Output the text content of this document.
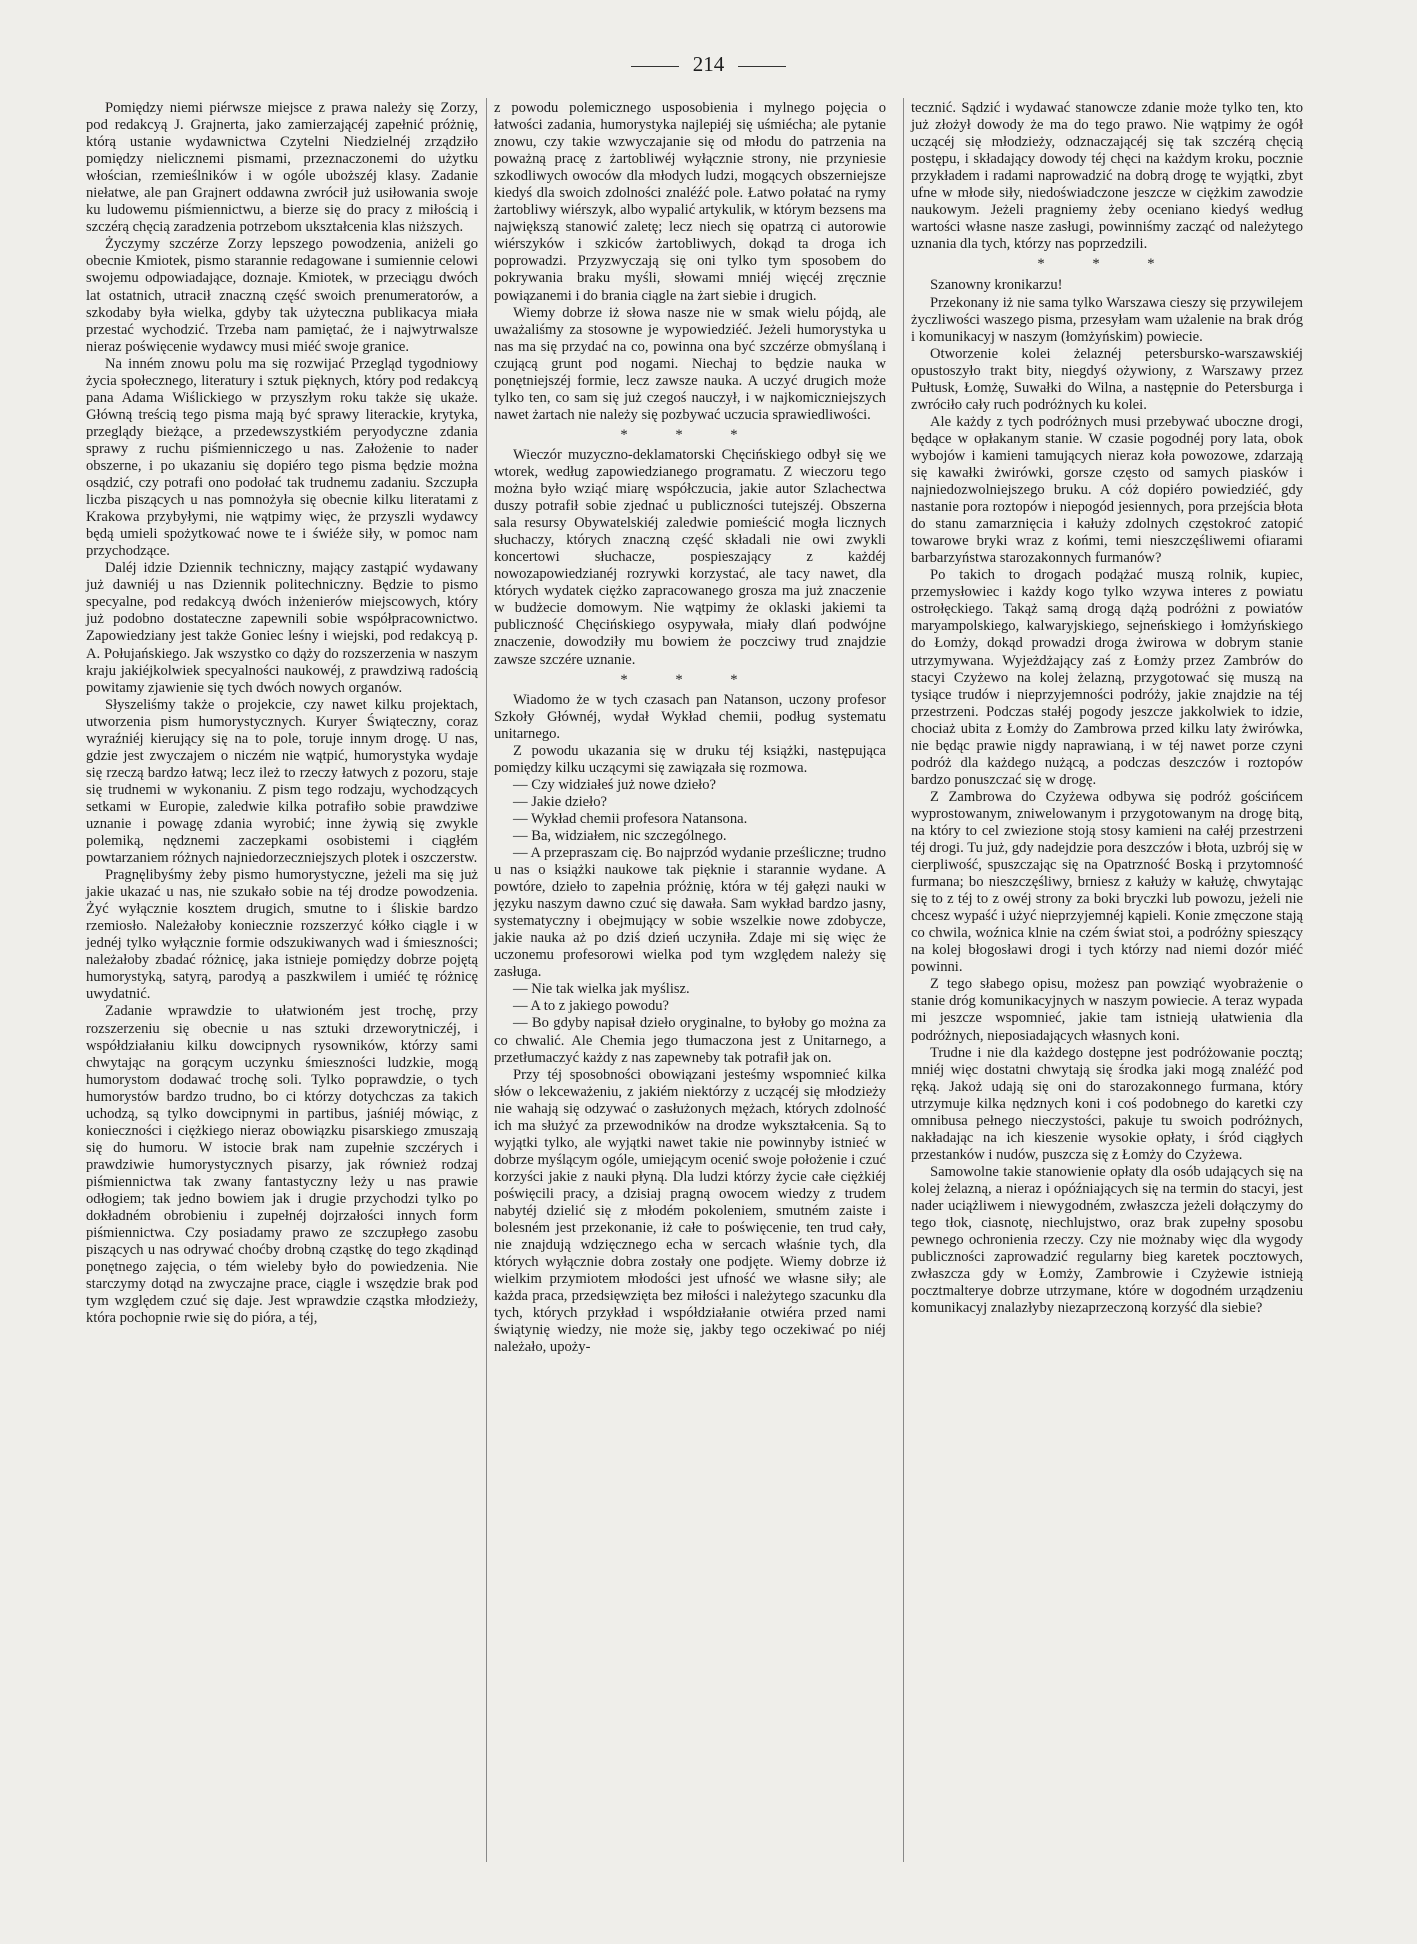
214

Pomiędzy niemi piérwsze miejsce z prawa należy się Zorzy, pod redakcyą J. Grajnerta, jako zamierzającéj zapełnić próżnię, którą ustanie wydawnictwa Czytelni Niedzielnéj zrządziło pomiędzy nielicznemi pismami, przeznaczonemi do użytku włościan, rzemieślników i w ogóle uboższéj klasy. Zadanie niełatwe, ale pan Grajnert oddawna zwrócił już usiłowania swoje ku ludowemu piśmiennictwu, a bierze się do pracy z miłością i szczérą chęcią zaradzenia potrzebom ukształcenia klas niższych.

Życzymy szczérze Zorzy lepszego powodzenia, aniżeli go obecnie Kmiotek, pismo starannie redagowane i sumiennie celowi swojemu odpowiadające, doznaje. Kmiotek, w przeciągu dwóch lat ostatnich, utracił znaczną część swoich prenumeratorów, a szkodaby była wielka, gdyby tak użyteczna publikacya miała przestać wychodzić. Trzeba nam pamiętać, że i najwytrwalsze nieraz poświęcenie wydawcy musi miéć swoje granice.

Na inném znowu polu ma się rozwijać Przegląd tygodniowy życia społecznego, literatury i sztuk pięknych, który pod redakcyą pana Adama Wiślickiego w przyszłym roku także się ukaże. Główną treścią tego pisma mają być sprawy literackie, krytyka, przeglądy bieżące, a przedewszystkiém peryodyczne zdania sprawy z ruchu piśmienniczego u nas. Założenie to nader obszerne, i po ukazaniu się dopiéro tego pisma będzie można osądzić, czy potrafi ono podołać tak trudnemu zadaniu. Szczupła liczba piszących u nas pomnożyła się obecnie kilku literatami z Krakowa przybyłymi, nie wątpimy więc, że przyszli wydawcy będą umieli spożytkować nowe te i świéże siły, w pomoc nam przychodzące.

Daléj idzie Dziennik techniczny, mający zastąpić wydawany już dawniéj u nas Dziennik politechniczny. Będzie to pismo specyalne, pod redakcyą dwóch inżenierów miejscowych, który już podobno dostateczne zapewnili sobie współpracownictwo. Zapowiedziany jest także Goniec leśny i wiejski, pod redakcyą p. A. Połujańskiego. Jak wszystko co dąży do rozszerzenia w naszym kraju jakiéjkolwiek specyalności naukowéj, z prawdziwą radością powitamy zjawienie się tych dwóch nowych organów.

Słyszeliśmy także o projekcie, czy nawet kilku projektach, utworzenia pism humorystycznych. Kuryer Świąteczny, coraz wyraźniéj kierujący się na to pole, toruje innym drogę. U nas, gdzie jest zwyczajem o niczém nie wątpić, humorystyka wydaje się rzeczą bardzo łatwą; lecz ileż to rzeczy łatwych z pozoru, staje się trudnemi w wykonaniu. Z pism tego rodzaju, wychodzących setkami w Europie, zaledwie kilka potrafiło sobie prawdziwe uznanie i powagę zdania wyrobić; inne żywią się zwykle polemiką, nędznemi zaczepkami osobistemi i ciągłém powtarzaniem różnych najniedorzeczniejszych plotek i oszczerstw.

Pragnęlibyśmy żeby pismo humorystyczne, jeżeli ma się już jakie ukazać u nas, nie szukało sobie na téj drodze powodzenia. Żyć wyłącznie kosztem drugich, smutne to i śliskie bardzo rzemiosło. Należałoby koniecznie rozszerzyć kółko ciągle i w jednéj tylko wyłącznie formie odszukiwanych wad i śmieszności; należałoby zbadać różnicę, jaka istnieje pomiędzy dobrze pojętą humorystyką, satyrą, parodyą a paszkwilem i umiéć tę różnicę uwydatnić.

Zadanie wprawdzie to ułatwioném jest trochę, przy rozszerzeniu się obecnie u nas sztuki drzeworytniczéj, i współdziałaniu kilku dowcipnych rysowników, którzy sami chwytając na gorącym uczynku śmieszności ludzkie, mogą humorystom dodawać trochę soli. Tylko poprawdzie, o tych humorystów bardzo trudno, bo ci którzy dotychczas za takich uchodzą, są tylko dowcipnymi in partibus, jaśniéj mówiąc, z konieczności i ciężkiego nieraz obowiązku pisarskiego zmuszają się do humoru. W istocie brak nam zupełnie szczérych i prawdziwie humorystycznych pisarzy, jak również rodzaj piśmiennictwa tak zwany fantastyczny leży u nas prawie odłogiem; tak jedno bowiem jak i drugie przychodzi tylko po dokładném obrobieniu i zupełnéj dojrzałości innych form piśmiennictwa. Czy posiadamy prawo ze szczupłego zasobu piszących u nas odrywać choćby drobną cząstkę do tego zkądinąd ponętnego zajęcia, o tém wieleby było do powiedzenia. Nie starczymy dotąd na zwyczajne prace, ciągle i wszędzie brak pod tym względem czuć się daje. Jest wprawdzie cząstka młodzieży, która pochopnie rwie się do pióra, a téj,

z powodu polemicznego usposobienia i mylnego pojęcia o łatwości zadania, humorystyka najlepiéj się uśmiécha; ale pytanie znowu, czy takie wzwyczajanie się od młodu do patrzenia na poważną pracę z żartobliwéj wyłącznie strony, nie przyniesie szkodliwych owoców dla młodych ludzi, mogących obszerniejsze kiedyś dla swoich zdolności znaléźć pole. Łatwo połatać na rymy żartobliwy wiérszyk, albo wypalić artykulik, w którym bezsens ma największą stanowić zaletę; lecz niech się opatrzą ci autorowie wiérszyków i szkiców żartobliwych, dokąd ta droga ich poprowadzi. Przyzwyczają się oni tylko tym sposobem do pokrywania braku myśli, słowami mniéj więcéj zręcznie powiązanemi i do brania ciągle na żart siebie i drugich.

Wiemy dobrze iż słowa nasze nie w smak wielu pójdą, ale uważaliśmy za stosowne je wypowiedziéć. Jeżeli humorystyka u nas ma się przydać na co, powinna ona być szczérze obmyślaną i czującą grunt pod nogami. Niechaj to będzie nauka w ponętniejszéj formie, lecz zawsze nauka. A uczyć drugich może tylko ten, co sam się już czegoś nauczył, i w najkomiczniejszych nawet żartach nie należy się pozbywać uczucia sprawiedliwości.

* * *

Wieczór muzyczno-deklamatorski Chęcińskiego odbył się we wtorek, według zapowiedzianego programatu. Z wieczoru tego można było wziąć miarę współczucia, jakie autor Szlachectwa duszy potrafił sobie zjednać u publiczności tutejszéj. Obszerna sala resursy Obywatelskiéj zaledwie pomieścić mogła licznych słuchaczy, których znaczną część składali nie owi zwykli koncertowi słuchacze, pospieszający z każdéj nowozapowiedzianéj rozrywki korzystać, ale tacy nawet, dla których wydatek ciężko zapracowanego grosza ma już znaczenie w budżecie domowym. Nie wątpimy że oklaski jakiemi ta publiczność Chęcińskiego osypywała, miały dlań podwójne znaczenie, dowodziły mu bowiem że poczciwy trud znajdzie zawsze szczére uznanie.

* * *

Wiadomo że w tych czasach pan Natanson, uczony profesor Szkoły Głównéj, wydał Wykład chemii, podług systematu unitarnego.

Z powodu ukazania się w druku téj książki, następująca pomiędzy kilku uczącymi się zawiązała się rozmowa.

— Czy widziałeś już nowe dzieło?

— Jakie dzieło?

— Wykład chemii profesora Natansona.

— Ba, widziałem, nic szczególnego.

— A przepraszam cię. Bo najprzód wydanie prześliczne; trudno u nas o książki naukowe tak pięknie i starannie wydane. A powtóre, dzieło to zapełnia próżnię, która w téj gałęzi nauki w języku naszym dawno czuć się dawała. Sam wykład bardzo jasny, systematyczny i obejmujący w sobie wszelkie nowe zdobycze, jakie nauka aż po dziś dzień uczyniła. Zdaje mi się więc że uczonemu profesorowi wielka pod tym względem należy się zasługa.

— Nie tak wielka jak myślisz.

— A to z jakiego powodu?

— Bo gdyby napisał dzieło oryginalne, to byłoby go można za co chwalić. Ale Chemia jego tłumaczona jest z Unitarnego, a przetłumaczyć każdy z nas zapewneby tak potrafił jak on.

Przy téj sposobności obowiązani jesteśmy wspomnieć kilka słów o lekceważeniu, z jakiém niektórzy z uczącéj się młodzieży nie wahają się odzywać o zasłużonych mężach, których zdolność ich ma służyć za przewodników na drodze wykształcenia. Są to wyjątki tylko, ale wyjątki nawet takie nie powinnyby istnieć w dobrze myślącym ogóle, umiejącym ocenić swoje położenie i czuć korzyści jakie z nauki płyną. Dla ludzi którzy życie całe ciężkiéj poświęcili pracy, a dzisiaj pragną owocem wiedzy z trudem nabytéj dzielić się z młodém pokoleniem, smutném zaiste i bolesném jest przekonanie, iż całe to poświęcenie, ten trud cały, nie znajdują wdzięcznego echa w sercach właśnie tych, dla których wyłącznie dobra zostały one podjęte. Wiemy dobrze iż wielkim przymiotem młodości jest ufność we własne siły; ale każda praca, przedsięwzięta bez miłości i należytego szacunku dla tych, których przykład i współdziałanie otwiéra przed nami świątynię wiedzy, nie może się, jakby tego oczekiwać po niéj należało, upoży-

tecznić. Sądzić i wydawać stanowcze zdanie może tylko ten, kto już złożył dowody że ma do tego prawo. Nie wątpimy że ogół uczącéj się młodzieży, odznaczającéj się tak szczérą chęcią postępu, i składający dowody téj chęci na każdym kroku, pocznie przykładem i radami naprowadzić na dobrą drogę te wyjątki, zbyt ufne w młode siły, niedoświadczone jeszcze w ciężkim zawodzie naukowym. Jeżeli pragniemy żeby oceniano kiedyś według wartości własne nasze zasługi, powinniśmy zacząć od należytego uznania dla tych, którzy nas poprzedzili.

* * *

Szanowny kronikarzu!

Przekonany iż nie sama tylko Warszawa cieszy się przywilejem życzliwości waszego pisma, przesyłam wam użalenie na brak dróg i komunikacyj w naszym (łomżyńskim) powiecie.

Otworzenie kolei żelaznéj petersbursko-warszawskiéj opustoszyło trakt bity, niegdyś ożywiony, z Warszawy przez Pułtusk, Łomżę, Suwałki do Wilna, a następnie do Petersburga i zwróciło cały ruch podróżnych ku kolei.

Ale każdy z tych podróżnych musi przebywać uboczne drogi, będące w opłakanym stanie. W czasie pogodnéj pory lata, obok wybojów i kamieni tamujących nieraz koła powozowe, zdarzają się kawałki żwirówki, gorsze często od samych piasków i najniedozwolniejszego bruku. A cóż dopiéro powiedziéć, gdy nastanie pora roztopów i niepogód jesiennych, pora przejścia błota do stanu zamarznięcia i kałuży zdolnych częstokroć zatopić towarowe bryki wraz z końmi, temi nieszczęśliwemi ofiarami barbarzyństwa starozakonnych furmanów?

Po takich to drogach podążać muszą rolnik, kupiec, przemysłowiec i każdy kogo tylko wzywa interes z powiatu ostrołęckiego. Takąż samą drogą dążą podróżni z powiatów maryampolskiego, kalwaryjskiego, sejneńskiego i łomżyńskiego do Łomży, dokąd prowadzi droga żwirowa w dobrym stanie utrzymywana. Wyjeżdżający zaś z Łomży przez Zambrów do stacyi Czyżewo na kolej żelazną, przygotować się muszą na tysiące trudów i nieprzyjemności podróży, jakie znajdzie na téj przestrzeni. Podczas stałéj pogody jeszcze jakkolwiek to idzie, chociaż ubita z Łomży do Zambrowa przed kilku laty żwirówka, nie będąc prawie nigdy naprawianą, i w téj nawet porze czyni podróż dla każdego nużącą, a podczas deszczów i roztopów bardzo ponuszczać się w drogę.

Z Zambrowa do Czyżewa odbywa się podróż gościńcem wyprostowanym, zniwelowanym i przygotowanym na drogę bitą, na który to cel zwiezione stoją stosy kamieni na całéj przestrzeni téj drogi. Tu już, gdy nadejdzie pora deszczów i błota, uzbrój się w cierpliwość, spuszczając się na Opatrzność Boską i przytomność furmana; bo nieszczęśliwy, brniesz z kałuży w kałużę, chwytając się to z téj to z owéj strony za boki bryczki lub powozu, jeżeli nie chcesz wypaść i użyć nieprzyjemnéj kąpieli. Konie zmęczone stają co chwila, woźnica klnie na czém świat stoi, a podróżny spieszący na kolej błogosławi drogi i tych którzy nad niemi dozór miéć powinni.

Z tego słabego opisu, możesz pan powziąć wyobrażenie o stanie dróg komunikacyjnych w naszym powiecie. A teraz wypada mi jeszcze wspomnieć, jakie tam istnieją ułatwienia dla podróżnych, nieposiadających własnych koni.

Trudne i nie dla każdego dostępne jest podróżowanie pocztą; mniéj więc dostatni chwytają się środka jaki mogą znaléźć pod ręką. Jakoż udają się oni do starozakonnego furmana, który utrzymuje kilka nędznych koni i coś podobnego do karetki czy omnibusa pełnego nieczystości, pakuje tu swoich podróżnych, nakładając na ich kieszenie wysokie opłaty, i śród ciągłych przestanków i nudów, puszcza się z Łomży do Czyżewa.

Samowolne takie stanowienie opłaty dla osób udających się na kolej żelazną, a nieraz i opóźniających się na termin do stacyi, jest nader uciążliwem i niewygodném, zwłaszcza jeżeli dołączymy do tego tłok, ciasnotę, niechlujstwo, oraz brak zupełny sposobu pewnego ochronienia rzeczy. Czy nie możnaby więc dla wygody publiczności zaprowadzić regularny bieg karetek pocztowych, zwłaszcza gdy w Łomży, Zambrowie i Czyżewie istnieją pocztmalterye dobrze utrzymane, które w dogodném urządzeniu komunikacyj znalazłyby niezaprzeczoną korzyść dla siebie?
